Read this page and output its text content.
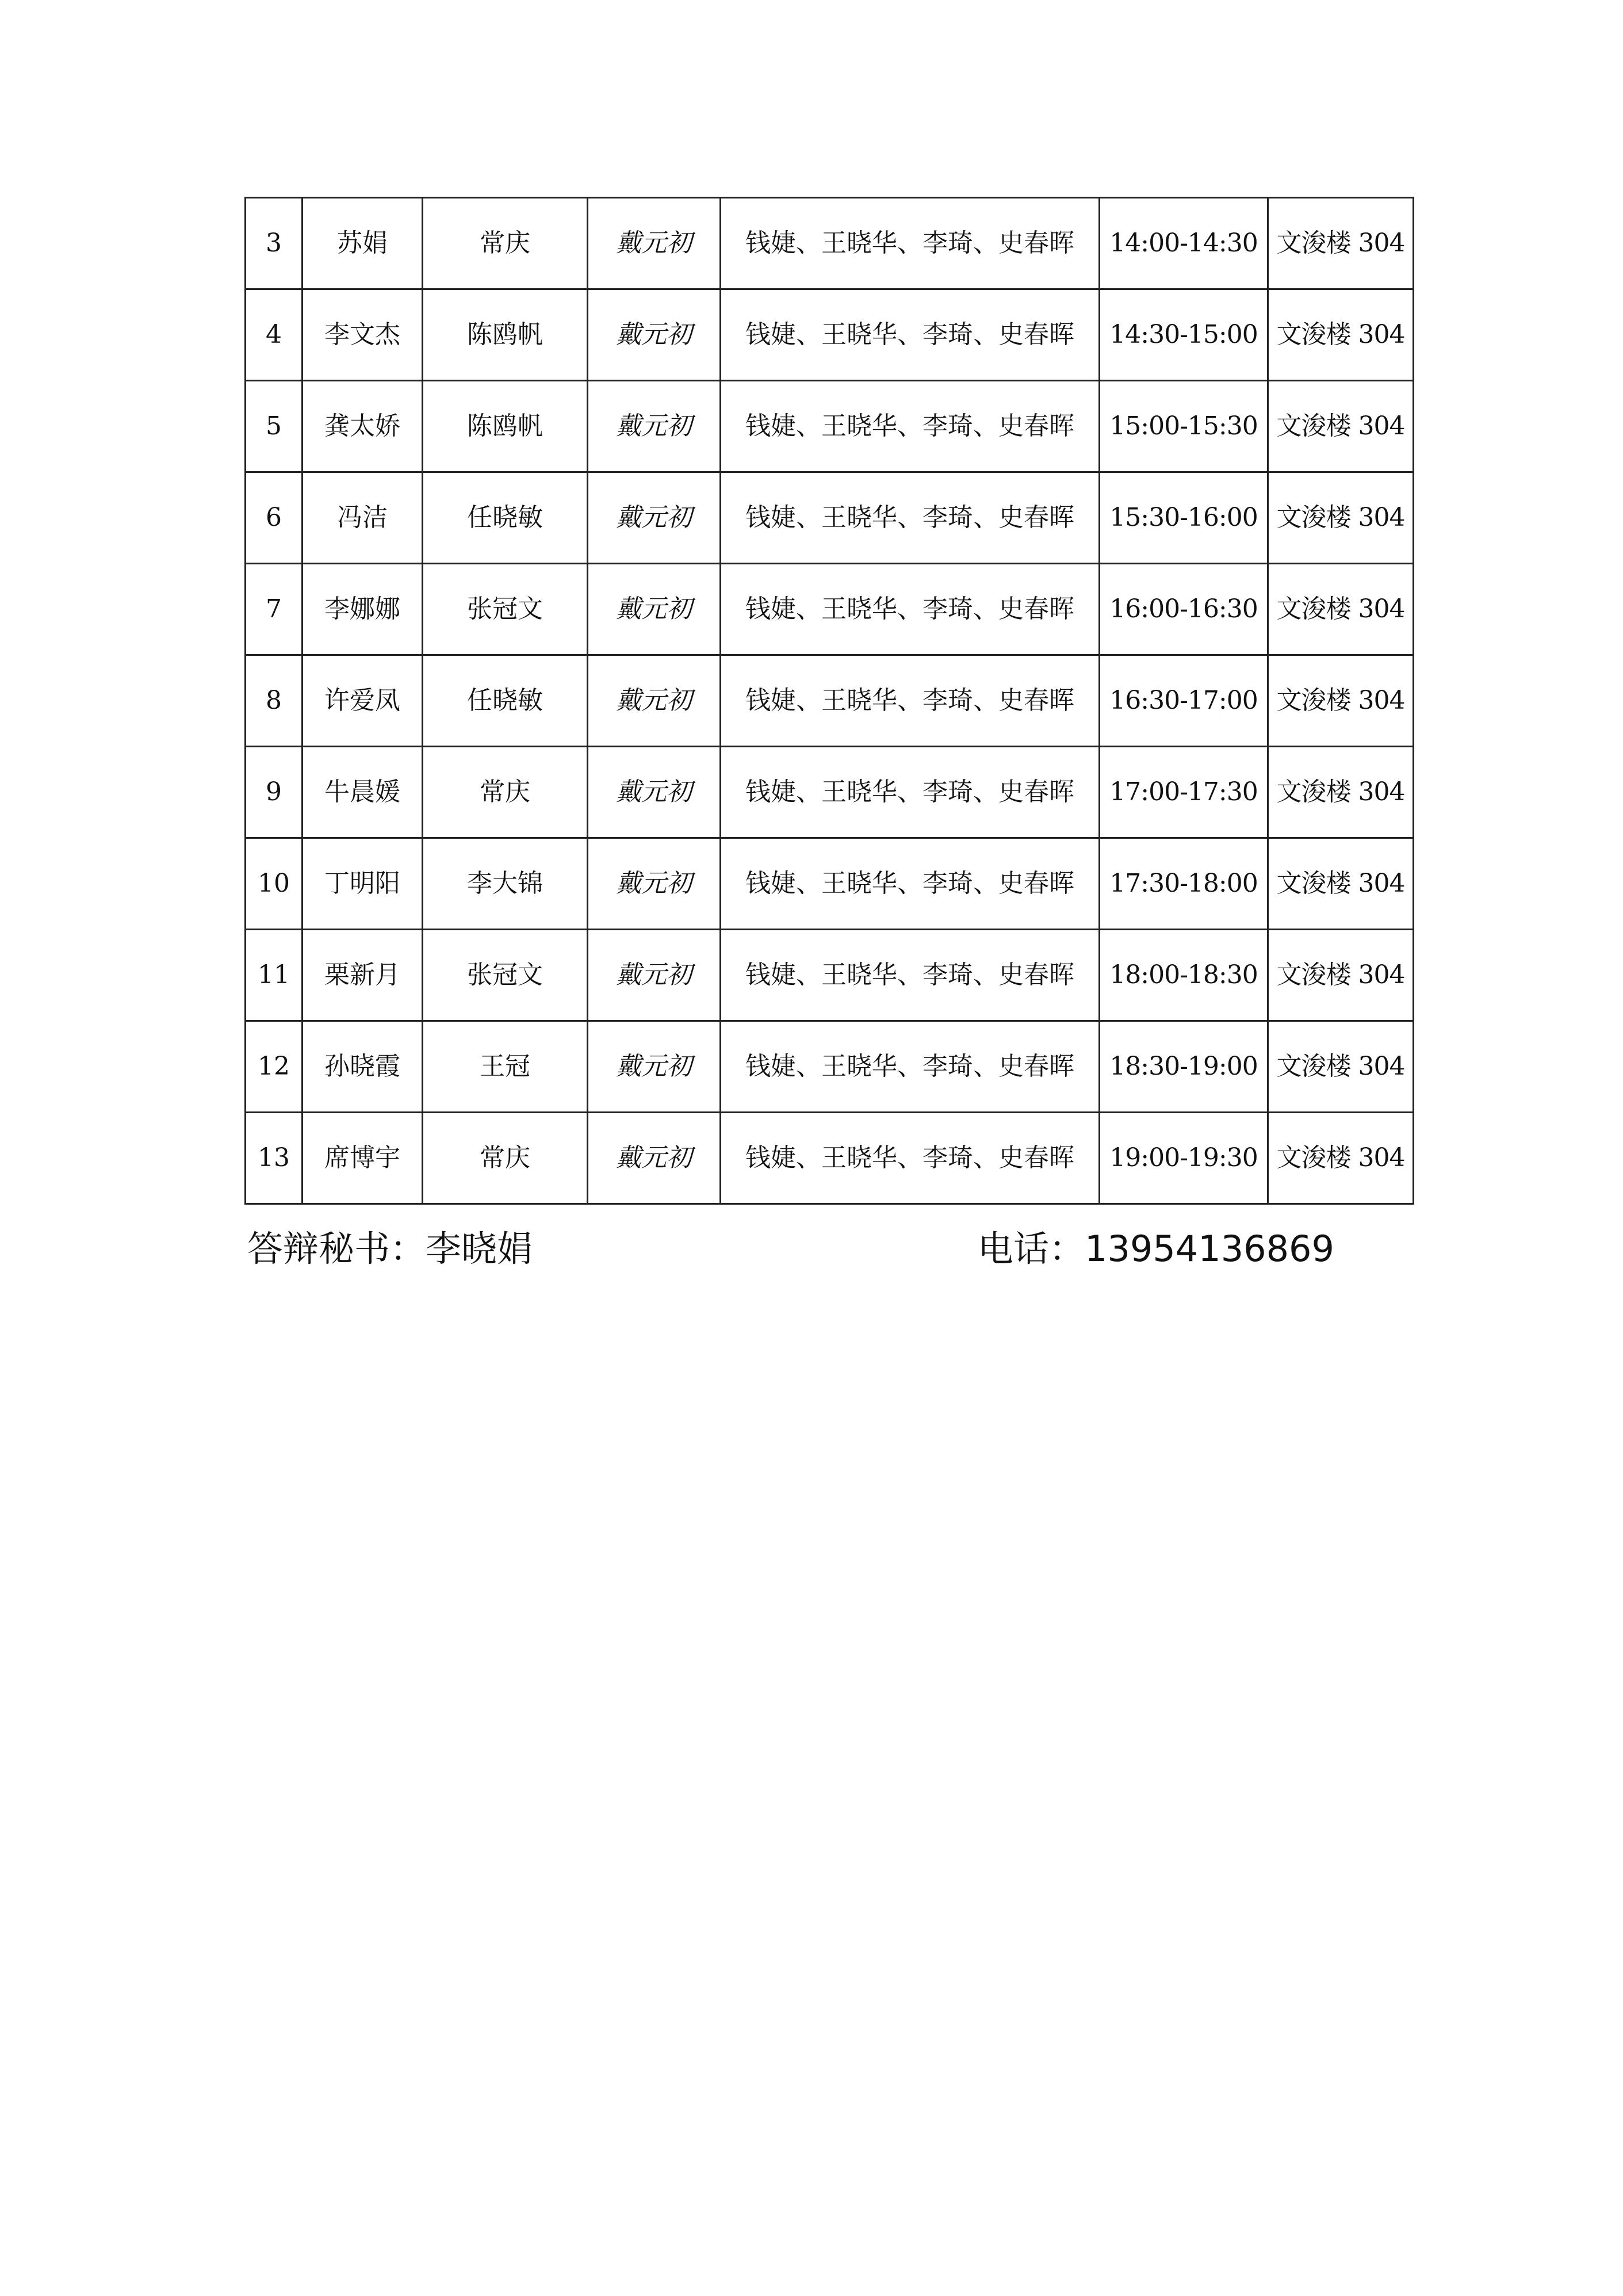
3	苏娟	常庆	戴元初	钱婕、王晓华、李琦、史春晖	14:00-14:30	文浚楼 304
4	李文杰	陈鸥帆	戴元初	钱婕、王晓华、李琦、史春晖	14:30-15:00	文浚楼 304
5	龚太娇	陈鸥帆	戴元初	钱婕、王晓华、李琦、史春晖	15:00-15:30	文浚楼 304
6	冯洁	任晓敏	戴元初	钱婕、王晓华、李琦、史春晖	15:30-16:00	文浚楼 304
7	李娜娜	张冠文	戴元初	钱婕、王晓华、李琦、史春晖	16:00-16:30	文浚楼 304
8	许爱凤	任晓敏	戴元初	钱婕、王晓华、李琦、史春晖	16:30-17:00	文浚楼 304
9	牛晨媛	常庆	戴元初	钱婕、王晓华、李琦、史春晖	17:00-17:30	文浚楼 304
10	丁明阳	李大锦	戴元初	钱婕、王晓华、李琦、史春晖	17:30-18:00	文浚楼 304
11	栗新月	张冠文	戴元初	钱婕、王晓华、李琦、史春晖	18:00-18:30	文浚楼 304
12	孙晓霞	王冠	戴元初	钱婕、王晓华、李琦、史春晖	18:30-19:00	文浚楼 304
13	席博宇	常庆	戴元初	钱婕、王晓华、李琦、史春晖	19:00-19:30	文浚楼 304
答辩秘书：李晓娟	电话：13954136869
